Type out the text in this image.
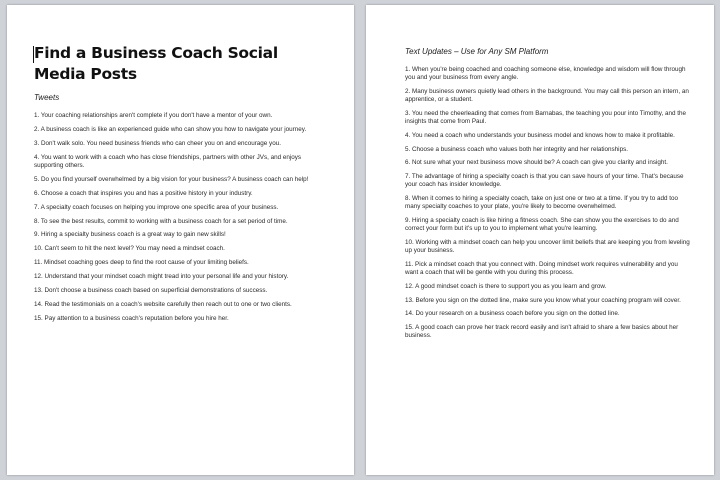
Find a Business Coach Social Media Posts
Tweets

1. Your coaching relationships aren't complete if you don't have a mentor of your own.

2. A business coach is like an experienced guide who can show you how to navigate your journey.

3. Don't walk solo. You need business friends who can cheer you on and encourage you.

4. You want to work with a coach who has close friendships, partners with other JVs, and enjoys supporting others.

5. Do you find yourself overwhelmed by a big vision for your business? A business coach can help!

6. Choose a coach that inspires you and has a positive history in your industry.

7. A specialty coach focuses on helping you improve one specific area of your business.

8. To see the best results, commit to working with a business coach for a set period of time.

9. Hiring a specialty business coach is a great way to gain new skills!

10. Can't seem to hit the next level? You may need a mindset coach.

11. Mindset coaching goes deep to find the root cause of your limiting beliefs.

12. Understand that your mindset coach might tread into your personal life and your history.

13. Don't choose a business coach based on superficial demonstrations of success.

14. Read the testimonials on a coach's website carefully then reach out to one or two clients.

15. Pay attention to a business coach's reputation before you hire her.

Text Updates – Use for Any SM Platform

1. When you're being coached and coaching someone else, knowledge and wisdom will flow through you and your business from every angle.

2. Many business owners quietly lead others in the background. You may call this person an intern, an apprentice, or a student.

3. You need the cheerleading that comes from Barnabas, the teaching you pour into Timothy, and the insights that come from Paul.

4. You need a coach who understands your business model and knows how to make it profitable.

5. Choose a business coach who values both her integrity and her relationships.

6. Not sure what your next business move should be? A coach can give you clarity and insight.

7. The advantage of hiring a specialty coach is that you can save hours of your time. That's because your coach has insider knowledge.

8. When it comes to hiring a specialty coach, take on just one or two at a time. If you try to add too many specialty coaches to your plate, you're likely to become overwhelmed.

9. Hiring a specialty coach is like hiring a fitness coach. She can show you the exercises to do and correct your form but it's up to you to implement what you're learning.

10. Working with a mindset coach can help you uncover limit beliefs that are keeping you from leveling up your business.

11. Pick a mindset coach that you connect with. Doing mindset work requires vulnerability and you want a coach that will be gentle with you during this process.

12. A good mindset coach is there to support you as you learn and grow.

13. Before you sign on the dotted line, make sure you know what your coaching program will cover.

14. Do your research on a business coach before you sign on the dotted line.

15. A good coach can prove her track record easily and isn't afraid to share a few basics about her business.
